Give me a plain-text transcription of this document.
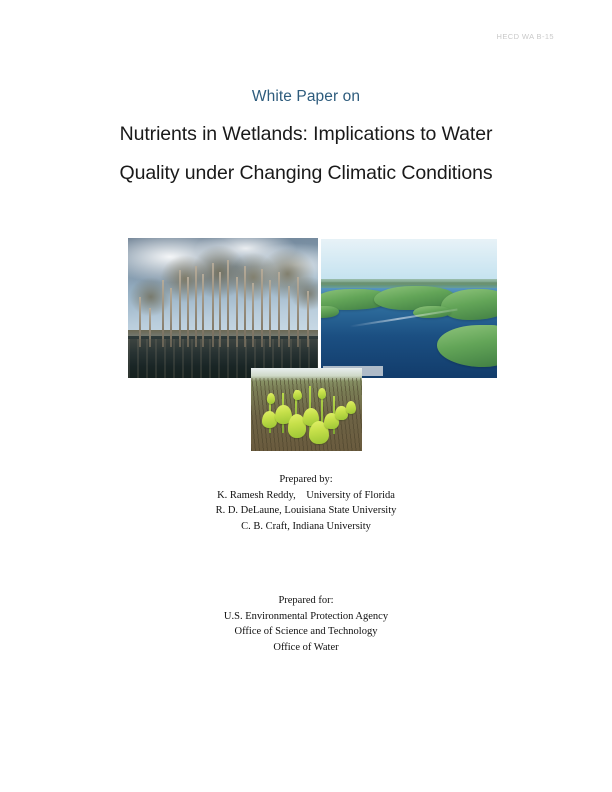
HECD WA B-15
White Paper on
Nutrients in Wetlands: Implications to Water
Quality under Changing Climatic Conditions
Prepared by:
K. Ramesh Reddy,    University of Florida
R. D. DeLaune, Louisiana State University
C. B. Craft, Indiana University
Prepared for:
U.S. Environmental Protection Agency
Office of Science and Technology
Office of Water
